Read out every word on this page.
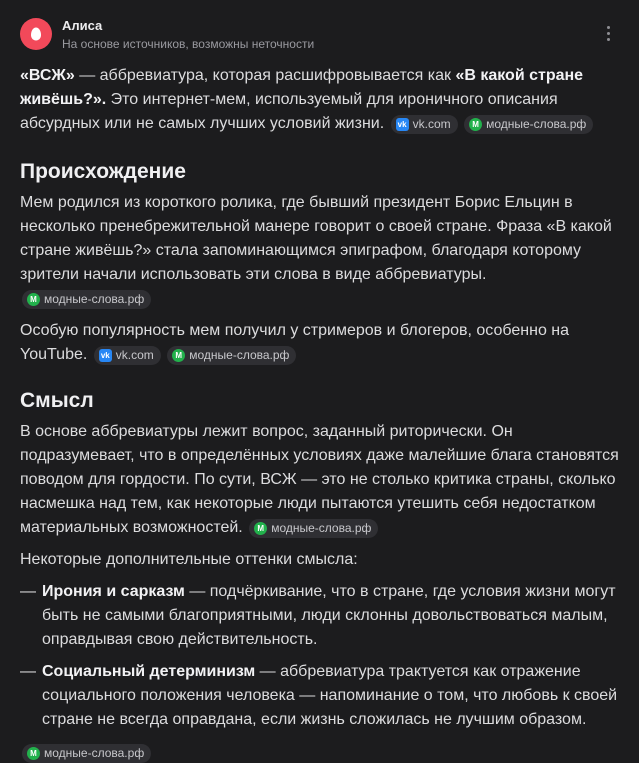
Алиса
На основе источников, возможны неточности

«ВСЖ» — аббревиатура, которая расшифровывается как «В какой стране живёшь?». Это интернет-мем, используемый для ироничного описания абсурдных или не самых лучших условий жизни. vk vk.com
	M модные-слова.рф

Происхождение

Мем родился из короткого ролика, где бывший президент Борис Ельцин в несколько пренебрежительной манере говорит о своей стране. Фраза «В какой стране живёшь?» стала запоминающимся эпиграфом, благодаря которому зрители начали использовать эти слова в виде аббревиатуры.
M модные-слова.рф

Особую популярность мем получил у стримеров и блогеров, особенно на YouTube. vk vk.com
	M модные-слова.рф

Смысл

В основе аббревиатуры лежит вопрос, заданный риторически. Он подразумевает, что в определённых условиях даже малейшие блага становятся поводом для гордости. По сути, ВСЖ — это не столько критика страны, сколько насмешка над тем, как некоторые люди пытаются утешить себя недостатком материальных возможностей.	M модные-слова.рф

Некоторые дополнительные оттенки смысла:

— Ирония и сарказм — подчёркивание, что в стране, где условия жизни могут быть не самыми благоприятными, люди склонны довольствоваться малым, оправдывая свою действительность.
— Социальный детерминизм — аббревиатура трактуется как отражение социального положения человека — напоминание о том, что любовь к своей стране не всегда оправдана, если жизнь сложилась не лучшим образом.
M модные-слова.рф
